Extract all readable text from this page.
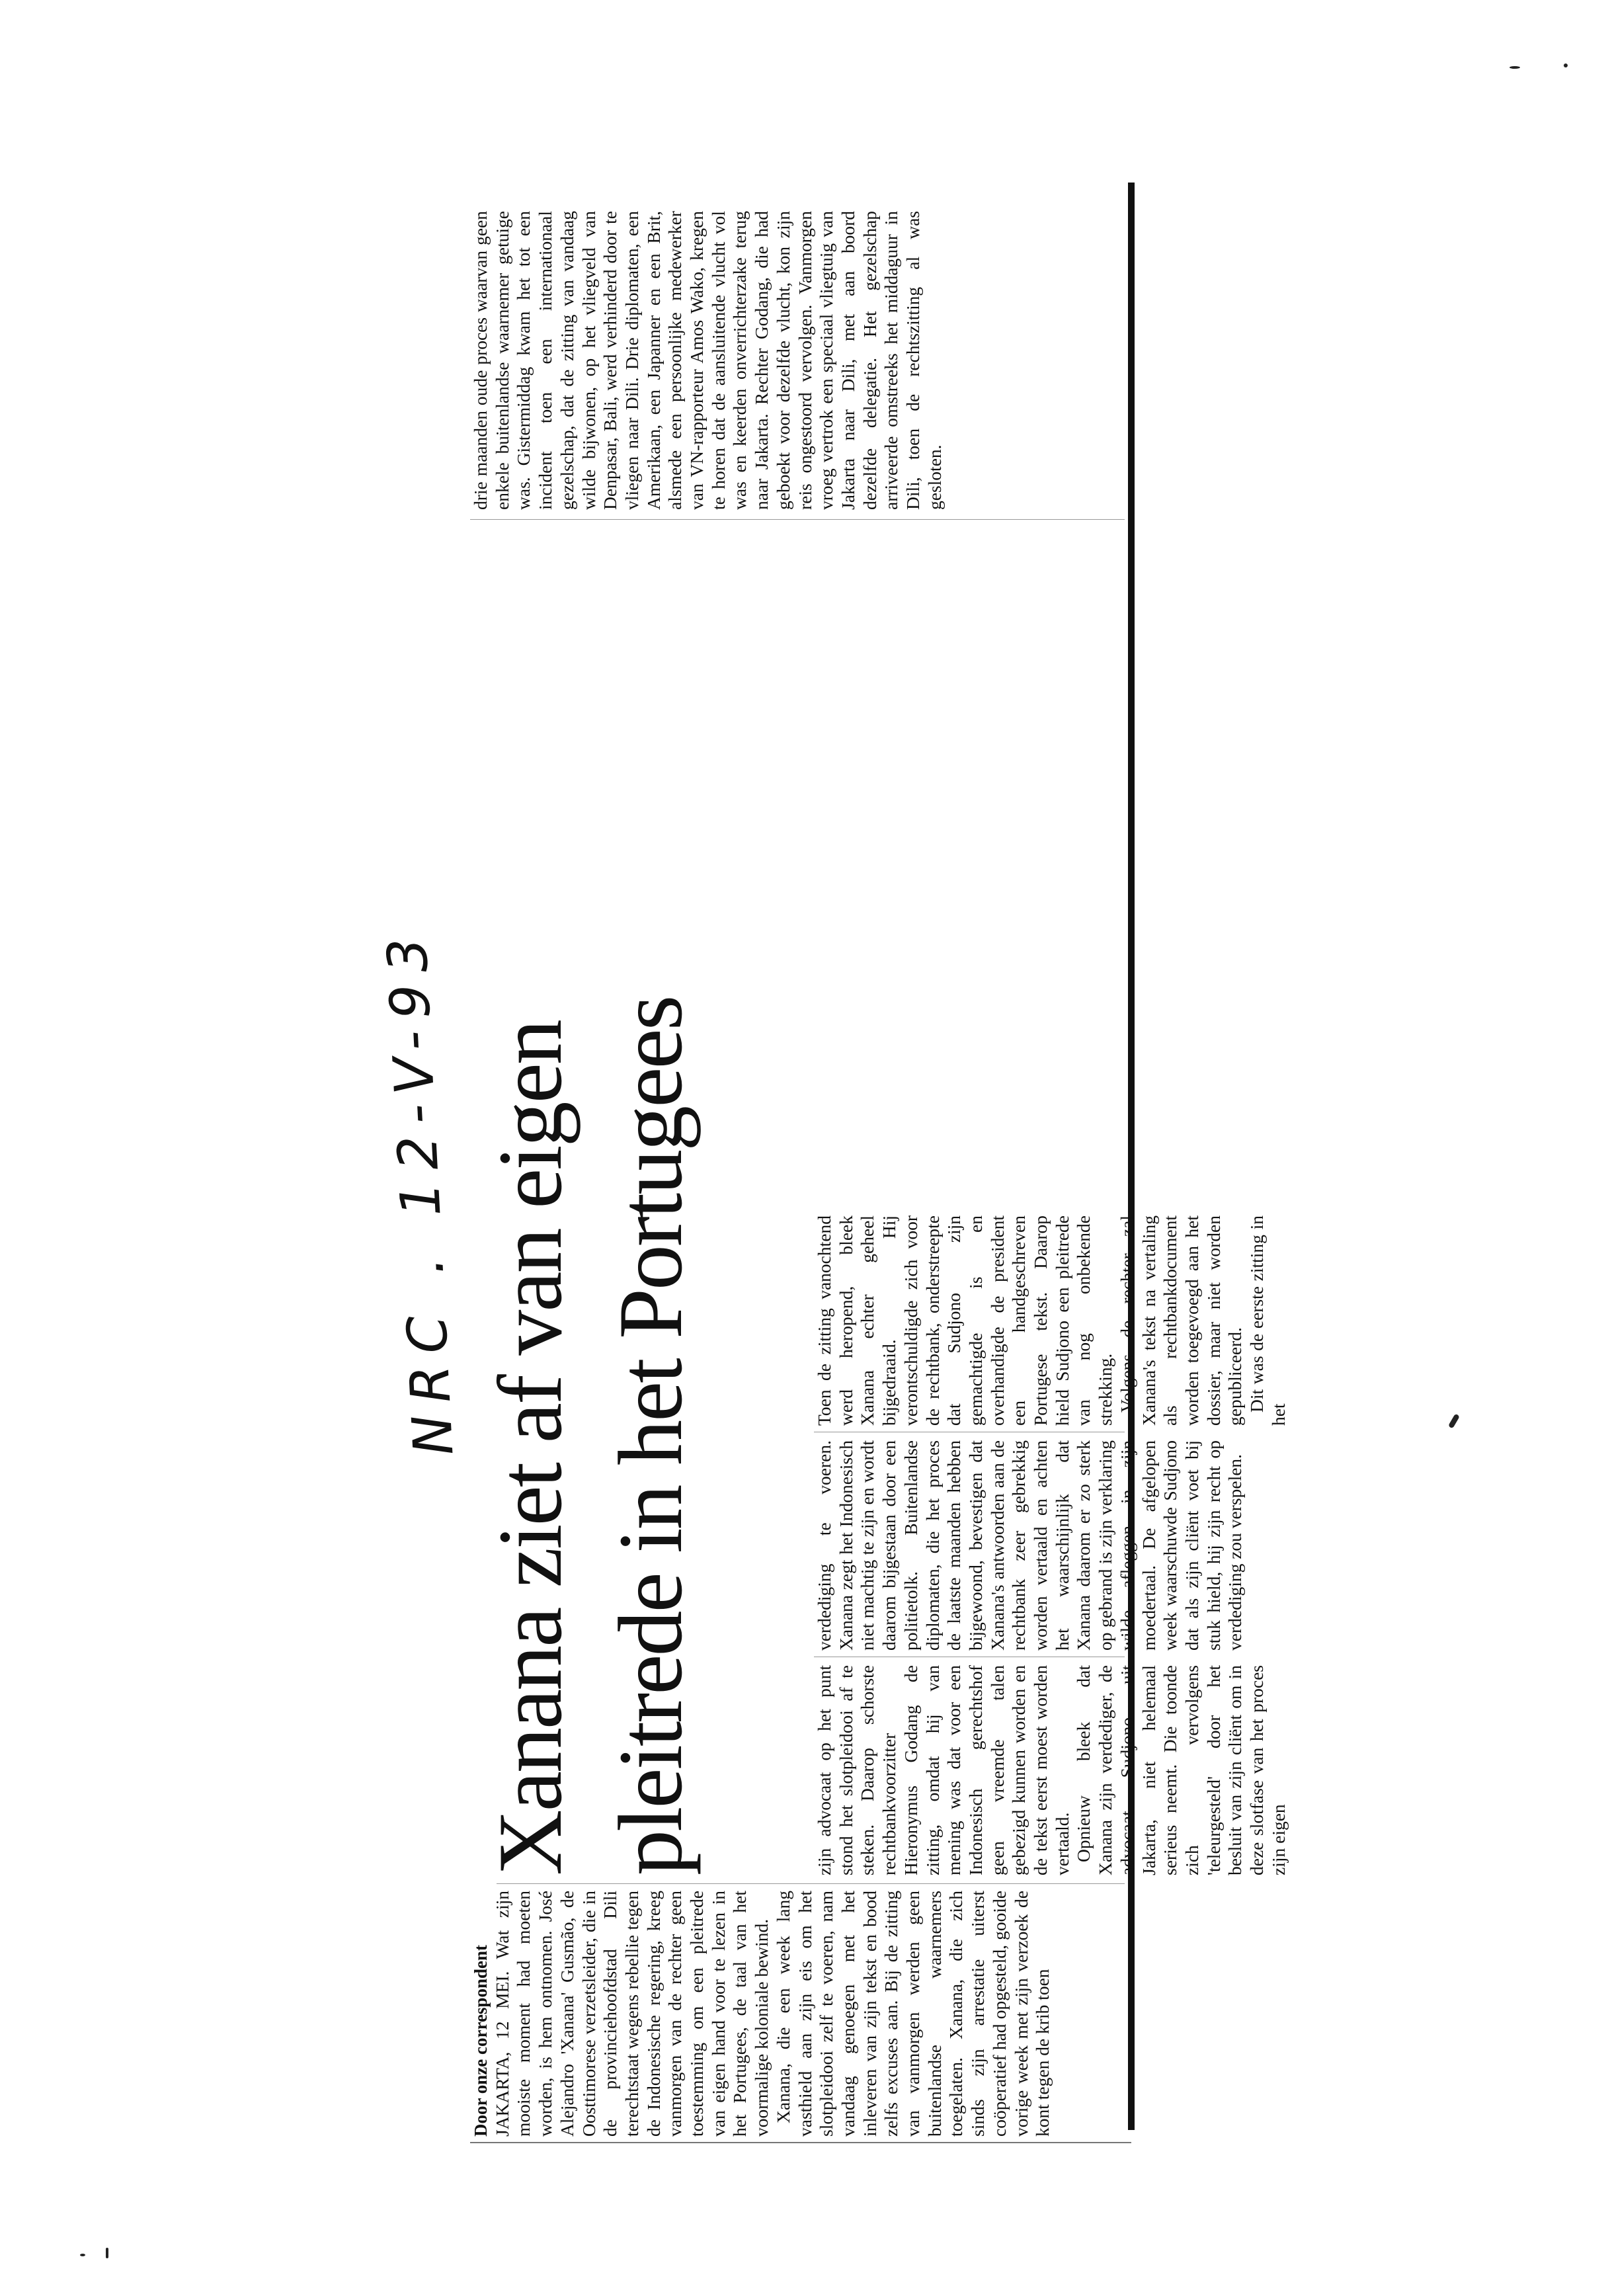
NRC . 12-V-93 Xanana ziet af van eigen pleitrede in het Portugees

Door onze correspondent
JAKARTA, 12 MEI. Wat zijn mooiste moment had moeten worden, is hem ontnomen. José Alejandro 'Xanana' Gusmão, de Oosttimorese verzetsleider, die in de provinciehoofdstad Dili terechtstaat wegens rebellie tegen de Indonesische regering, kreeg vanmorgen van de rechter geen toestemming om een pleitrede van eigen hand voor te lezen in het Portugees, de taal van het voormalige koloniale bewind. Xanana, die een week lang vasthield aan zijn eis om het slotpleidooi zelf te voeren, nam vandaag genoegen met het inleveren van zijn tekst en bood zelfs excuses aan. Bij de zitting van vanmorgen werden geen buitenlandse waarnemers toegelaten. Xanana, die zich sinds zijn arrestatie uiterst coöperatief had opgesteld, gooide vorige week met zijn verzoek de kont tegen de krib toen

zijn advocaat op het punt stond het slotpleidooi af te steken. Daarop schorste rechtbankvoorzitter Hieronymus Godang de zitting, omdat hij van mening was dat voor een Indonesisch gerechtshof geen vreemde talen gebezigd kunnen worden en de tekst eerst moest worden vertaald. Opnieuw bleek dat Xanana zijn verdediger, de advocaat Sudjono uit Jakarta, niet helemaal serieus neemt. Die toonde zich vervolgens 'teleurgesteld' door het besluit van zijn cliënt om in deze slotfase van het proces zijn eigen

verdediging te voeren. Xanana zegt het Indonesisch niet machtig te zijn en wordt daarom bijgestaan door een politietolk. Buitenlandse diplomaten, die het proces de laatste maanden hebben bijgewoond, bevestigen dat Xanana's antwoorden aan de rechtbank zeer gebrekkig worden vertaald en achten het waarschijnlijk dat Xanana daarom er zo sterk op gebrand is zijn verklaring wilde afleggen in zijn moedertaal. De afgelopen week waarschuwde Sudjono dat als zijn cliënt voet bij stuk hield, hij zijn recht op verdediging zou verspelen.

Toen de zitting vanochtend werd heropend, bleek Xanana echter geheel bijgedraaid. Hij verontschuldigde zich voor de rechtbank, onderstreepte dat Sudjono zijn gemachtigde is en overhandigde de president een handgeschreven Portugese tekst. Daarop hield Sudjono een pleitrede van nog onbekende strekking. Volgens de rechter zal Xanana's tekst na vertaling als rechtbankdocument worden toegevoegd aan het dossier, maar niet worden gepubliceerd. Dit was de eerste zitting in het

drie maanden oude proces waarvan geen enkele buitenlandse waarnemer getuige was. Gistermiddag kwam het tot een incident toen een internationaal gezelschap, dat de zitting van vandaag wilde bijwonen, op het vliegveld van Denpasar, Bali, werd verhinderd door te vliegen naar Dili. Drie diplomaten, een Amerikaan, een Japanner en een Brit, alsmede een persoonlijke medewerker van VN-rapporteur Amos Wako, kregen te horen dat de aansluitende vlucht vol was en keerden onverrichterzake terug naar Jakarta. Rechter Godang, die had geboekt voor dezelfde vlucht, kon zijn reis ongestoord vervolgen. Vanmorgen vroeg vertrok een speciaal vliegtuig van Jakarta naar Dili, met aan boord dezelfde delegatie. Het gezelschap arriveerde omstreeks het middaguur in Dili, toen de rechtszitting al was gesloten.
